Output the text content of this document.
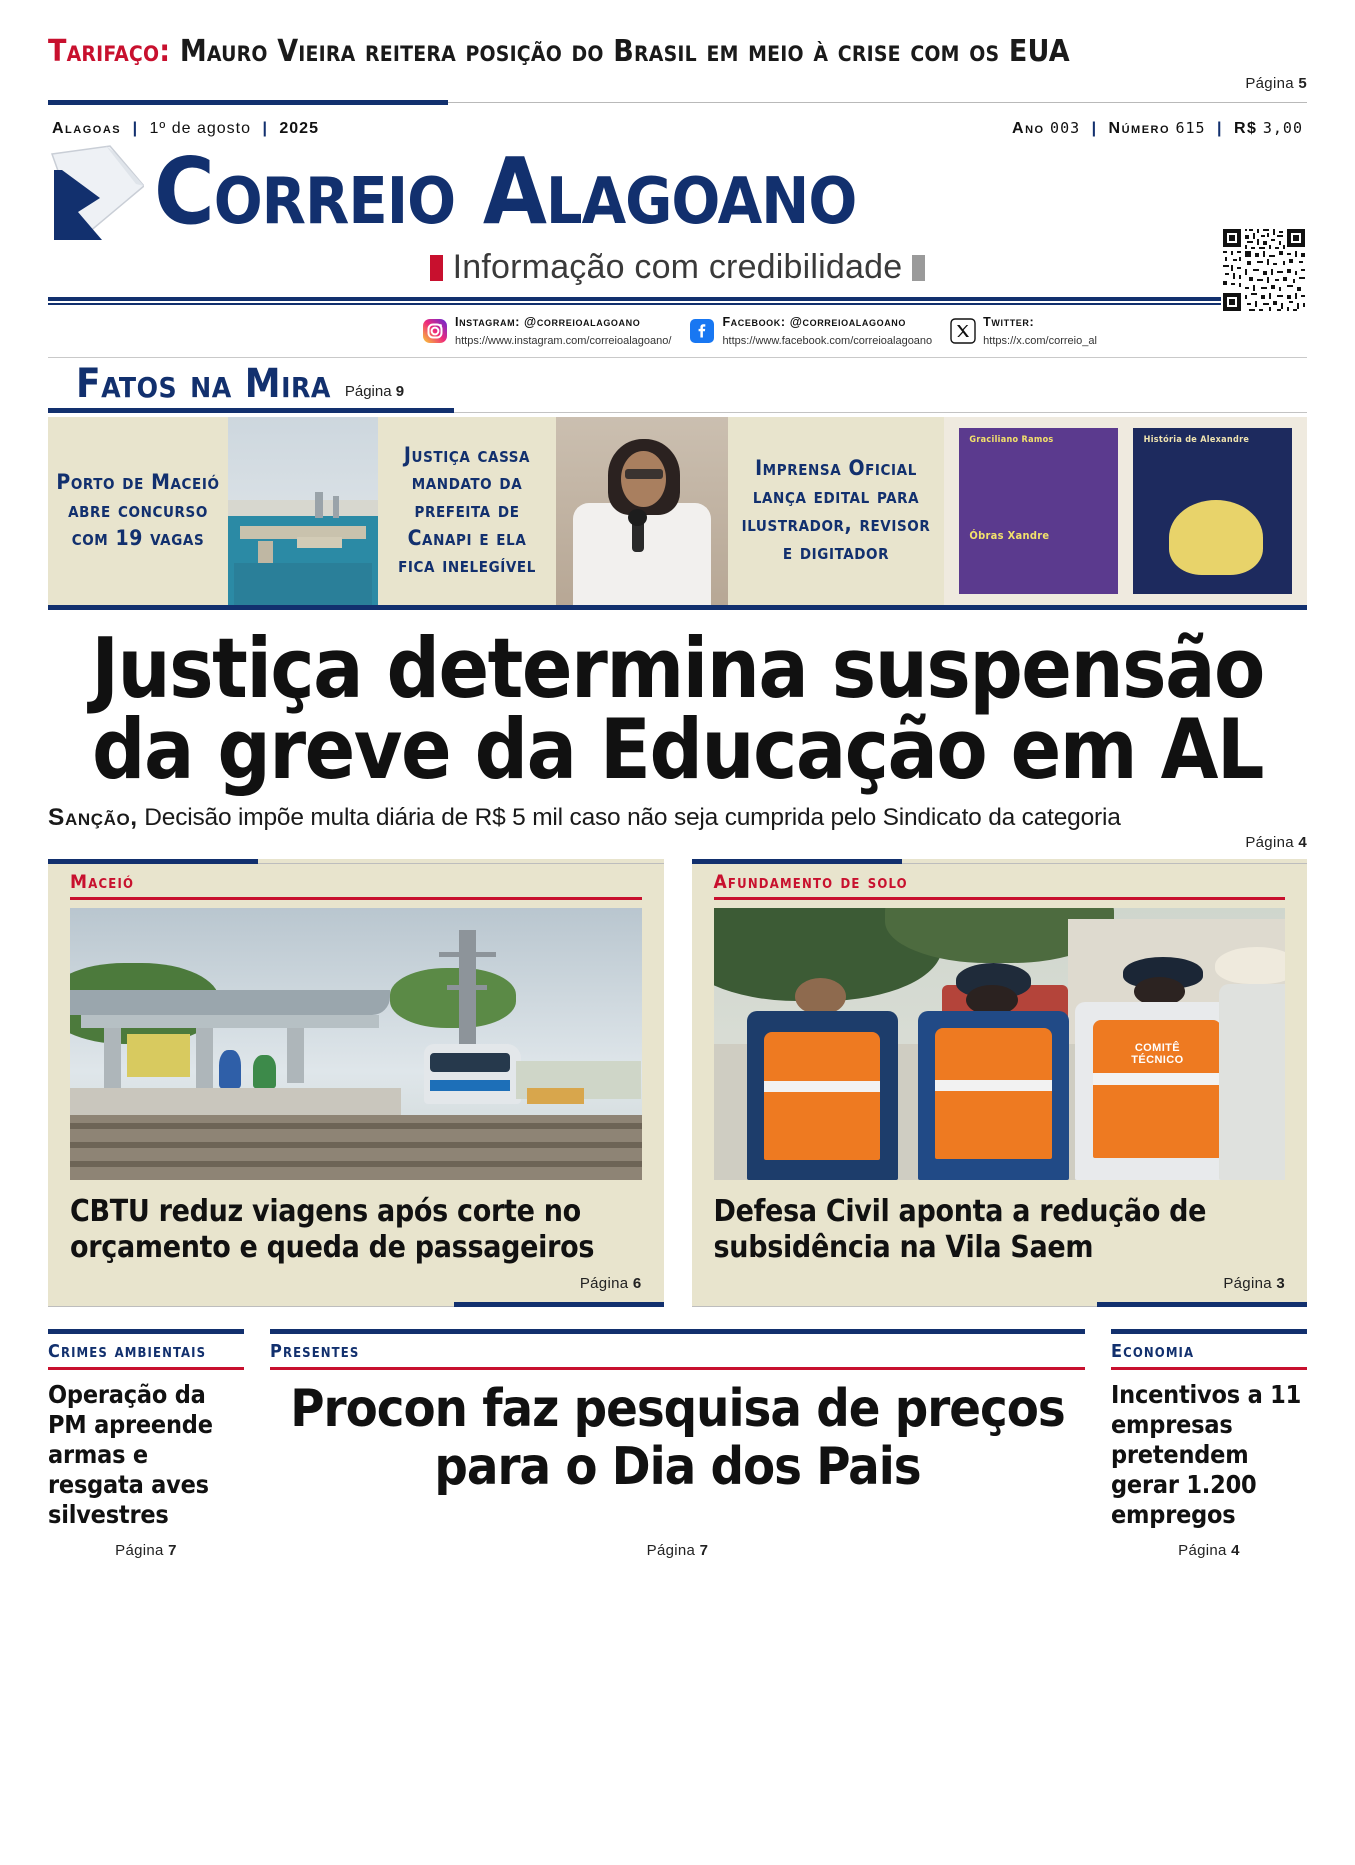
Tarifaço: Mauro Vieira reitera posição do Brasil em meio à crise com os EUA
Página 5
Alagoas | 1º de agosto | 2025	Ano 003 | Número 615 | R$ 3,00
Correio Alagoano
Informação com credibilidade
Instagram: @correioalagoano
https://www.instagram.com/correioalagoano/
Facebook: @correioalagoano
https://www.facebook.com/correioalagoano
Twitter:
https://x.com/correio_al
Fatos na Mira Página 9
Porto de Maceió abre concurso com 19 vagas
Justiça cassa mandato da prefeita de Canapi e ela fica inelegível
Imprensa Oficial lança edital para ilustrador, revisor e digitador
Graciliano Ramos
Óbras Xandre
História de Alexandre
Justiça determina suspensão
da greve da Educação em AL
Sanção, Decisão impõe multa diária de R$ 5 mil caso não seja cumprida pelo Sindicato da categoria
Página 4
Maceió
CBTU reduz viagens após corte no orçamento e queda de passageiros
Página 6
Afundamento de solo
COMITÊ TÉCNICO
Defesa Civil aponta a redução de subsidência na Vila Saem
Página 3
Crimes ambientais
Operação da PM apreende armas e resgata aves silvestres
Página 7
Presentes
Procon faz pesquisa de preços para o Dia dos Pais
Página 7
Economia
Incentivos a 11 empresas pretendem gerar 1.200 empregos
Página 4
